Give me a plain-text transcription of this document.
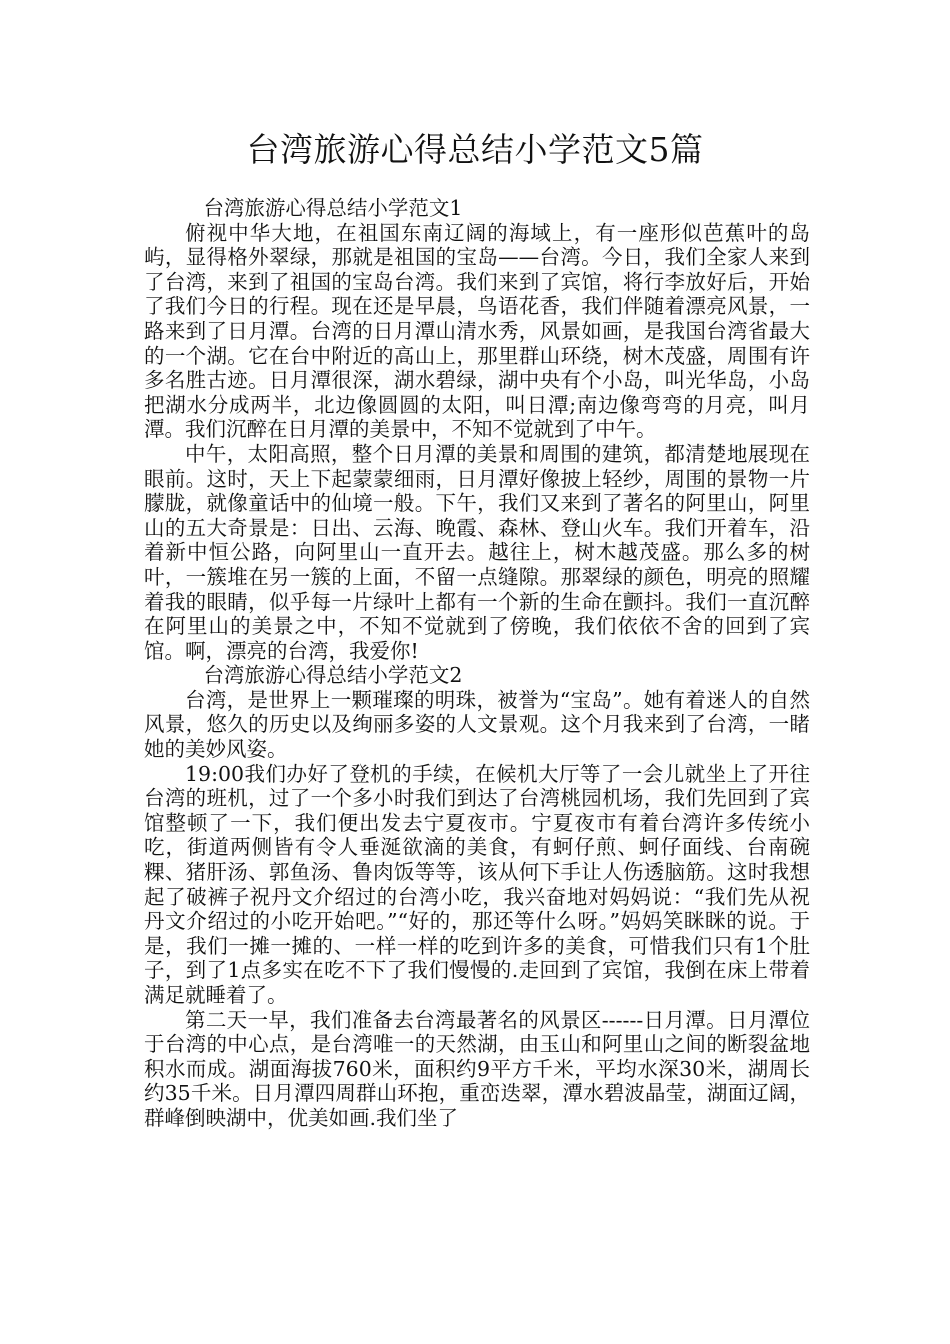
台湾旅游心得总结小学范文5篇

台湾旅游心得总结小学范文1

俯视中华大地，在祖国东南辽阔的海域上，有一座形似芭蕉叶的岛屿，显得格外翠绿，那就是祖国的宝岛——台湾。今日，我们全家人来到了台湾，来到了祖国的宝岛台湾。我们来到了宾馆，将行李放好后，开始了我们今日的行程。现在还是早晨，鸟语花香，我们伴随着漂亮风景，一路来到了日月潭。台湾的日月潭山清水秀，风景如画，是我国台湾省最大的一个湖。它在台中附近的高山上，那里群山环绕，树木茂盛，周围有许多名胜古迹。日月潭很深，湖水碧绿，湖中央有个小岛，叫光华岛，小岛把湖水分成两半，北边像圆圆的太阳，叫日潭;南边像弯弯的月亮，叫月潭。我们沉醉在日月潭的美景中，不知不觉就到了中午。

中午，太阳高照，整个日月潭的美景和周围的建筑，都清楚地展现在眼前。这时，天上下起蒙蒙细雨，日月潭好像披上轻纱，周围的景物一片朦胧，就像童话中的仙境一般。下午，我们又来到了著名的阿里山，阿里山的五大奇景是：日出、云海、晚霞、森林、登山火车。我们开着车，沿着新中恒公路，向阿里山一直开去。越往上，树木越茂盛。那么多的树叶，一簇堆在另一簇的上面，不留一点缝隙。那翠绿的颜色，明亮的照耀着我的眼睛，似乎每一片绿叶上都有一个新的生命在颤抖。我们一直沉醉在阿里山的美景之中，不知不觉就到了傍晚，我们依依不舍的回到了宾馆。啊，漂亮的台湾，我爱你!

台湾旅游心得总结小学范文2

台湾，是世界上一颗璀璨的明珠，被誉为“宝岛”。她有着迷人的自然风景，悠久的历史以及绚丽多姿的人文景观。这个月我来到了台湾，一睹她的美妙风姿。

19:00我们办好了登机的手续，在候机大厅等了一会儿就坐上了开往台湾的班机，过了一个多小时我们到达了台湾桃园机场，我们先回到了宾馆整顿了一下，我们便出发去宁夏夜市。宁夏夜市有着台湾许多传统小吃，街道两侧皆有令人垂涎欲滴的美食，有蚵仔煎、蚵仔面线、台南碗粿、猪肝汤、郭鱼汤、鲁肉饭等等，该从何下手让人伤透脑筋。这时我想起了破裤子祝丹文介绍过的台湾小吃，我兴奋地对妈妈说：“我们先从祝丹文介绍过的小吃开始吧。”“好的，那还等什么呀。”妈妈笑眯眯的说。于是，我们一摊一摊的、一样一样的吃到许多的美食，可惜我们只有1个肚子，到了1点多实在吃不下了我们慢慢的.走回到了宾馆，我倒在床上带着满足就睡着了。

第二天一早，我们准备去台湾最著名的风景区------日月潭。日月潭位于台湾的中心点，是台湾唯一的天然湖，由玉山和阿里山之间的断裂盆地积水而成。湖面海拔760米，面积约9平方千米，平均水深30米，湖周长约35千米。日月潭四周群山环抱，重峦迭翠，潭水碧波晶莹，湖面辽阔，群峰倒映湖中，优美如画.我们坐了
